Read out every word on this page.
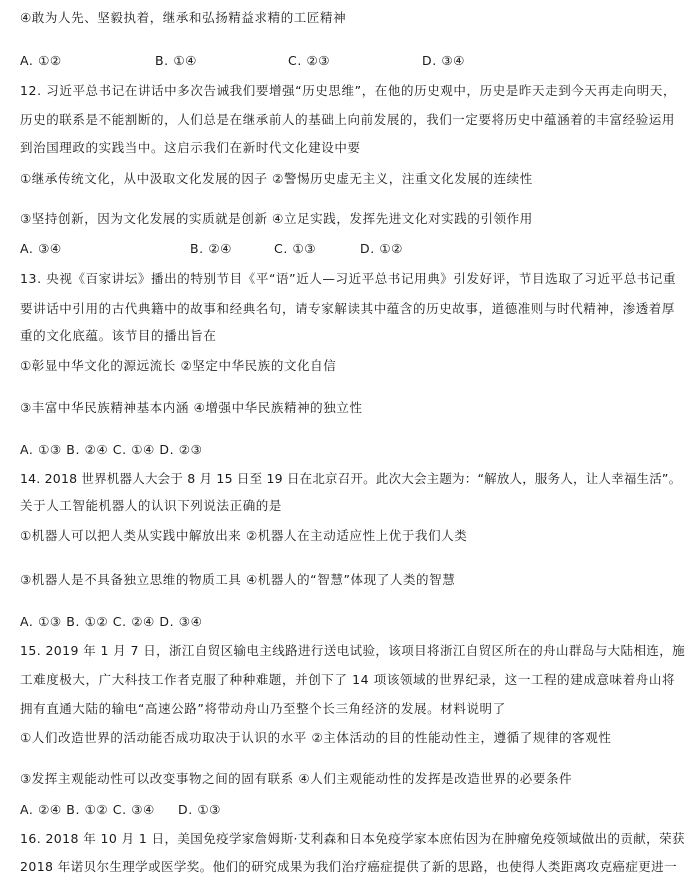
④敢为人先、坚毅执着，继承和弘扬精益求精的工匠精神
A. ①②	B. ①④	C. ②③	D. ③④
12. 习近平总书记在讲话中多次告诫我们要增强“历史思维”，在他的历史观中，历史是昨天走到今天再走向明天，
历史的联系是不能割断的，人们总是在继承前人的基础上向前发展的，我们一定要将历史中蕴涵着的丰富经验运用
到治国理政的实践当中。这启示我们在新时代文化建设中要
①继承传统文化，从中汲取文化发展的因子 ②警惕历史虚无主义，注重文化发展的连续性
③坚持创新，因为文化发展的实质就是创新 ④立足实践，发挥先进文化对实践的引领作用
A. ③④	B. ②④	C. ①③	D. ①②
13. 央视《百家讲坛》播出的特别节目《平“语”近人—习近平总书记用典》引发好评，节目选取了习近平总书记重
要讲话中引用的古代典籍中的故事和经典名句，请专家解读其中蕴含的历史故事，道德准则与时代精神，渗透着厚
重的文化底蕴。该节目的播出旨在
①彰显中华文化的源远流长 ②坚定中华民族的文化自信
③丰富中华民族精神基本内涵 ④增强中华民族精神的独立性
A. ①③ B. ②④ C. ①④ D. ②③
14. 2018 世界机器人大会于 8 月 15 日至 19 日在北京召开。此次大会主题为：“解放人，服务人，让人幸福生活”。
关于人工智能机器人的认识下列说法正确的是
①机器人可以把人类从实践中解放出来 ②机器人在主动适应性上优于我们人类
③机器人是不具备独立思维的物质工具 ④机器人的“智慧”体现了人类的智慧
A. ①③ B. ①② C. ②④ D. ③④
15. 2019 年 1 月 7 日，浙江自贸区输电主线路进行送电试验，该项目将浙江自贸区所在的舟山群岛与大陆相连，施
工难度极大，广大科技工作者克服了种种难题，并创下了 14 项该领域的世界纪录，这一工程的建成意味着舟山将
拥有直通大陆的输电“高速公路”将带动舟山乃至整个长三角经济的发展。材料说明了
①人们改造世界的活动能否成功取决于认识的水平 ②主体活动的目的性能动性主，遵循了规律的客观性
③发挥主观能动性可以改变事物之间的固有联系 ④人们主观能动性的发挥是改造世界的必要条件
A. ②④ B. ①② C. ③④ D. ①③
16. 2018 年 10 月 1 日，美国免疫学家詹姆斯·艾利森和日本免疫学家本庶佑因为在肿瘤免疫领域做出的贡献，荣获
2018 年诺贝尔生理学或医学奖。他们的研究成果为我们治疗癌症提供了新的思路，也使得人类距离攻克癌症更进一
